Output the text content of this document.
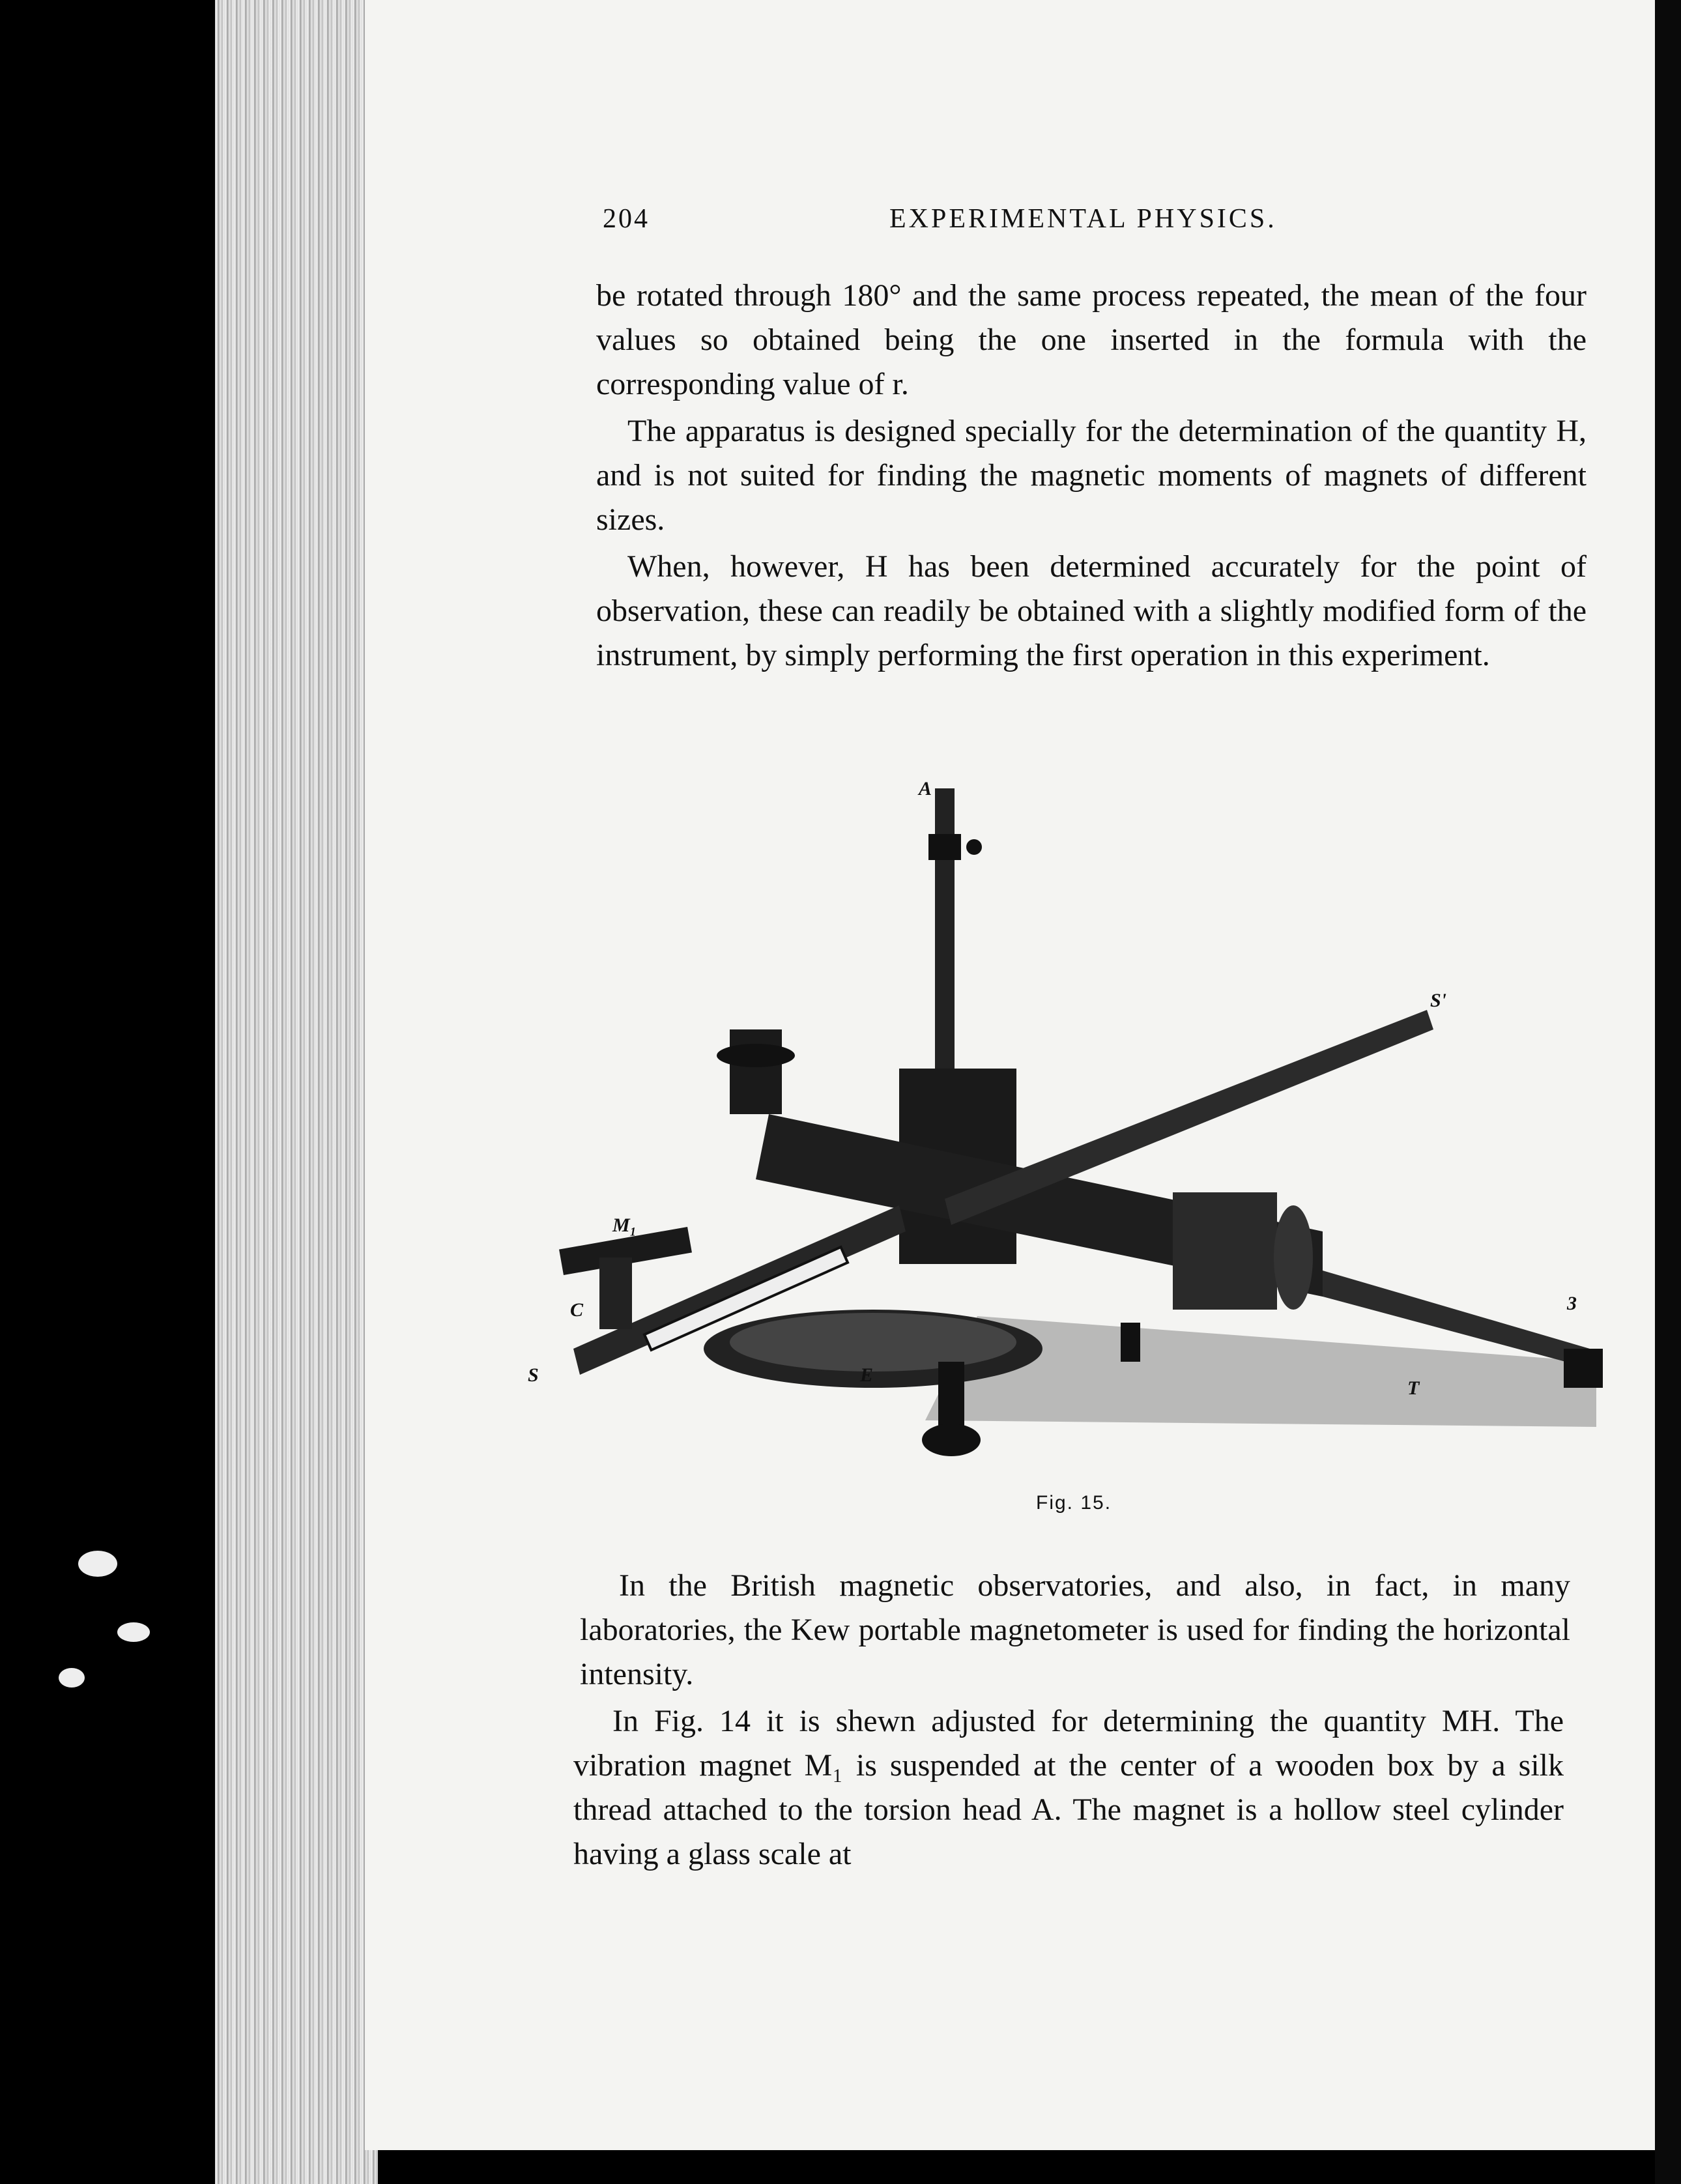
204	EXPERIMENTAL PHYSICS.

be rotated through 180° and the same process repeated, the mean of the four values so obtained being the one inserted in the formula with the corresponding value of r.

The apparatus is designed specially for the determination of the quantity H, and is not suited for finding the magnetic moments of magnets of different sizes.

When, however, H has been determined accurately for the point of observation, these can readily be obtained with a slightly modified form of the instrument, by simply performing the first operation in this experiment.

A
S'
M₁
C
S	E
T
3
Fig. 15.

In the British magnetic observatories, and also, in fact, in many laboratories, the Kew portable magnetometer is used for finding the horizontal intensity.

In Fig. 14 it is shewn adjusted for determining the quantity MH. The vibration magnet M₁ is suspended at the center of a wooden box by a silk thread attached to the torsion head A. The magnet is a hollow steel cylinder having a glass scale at
